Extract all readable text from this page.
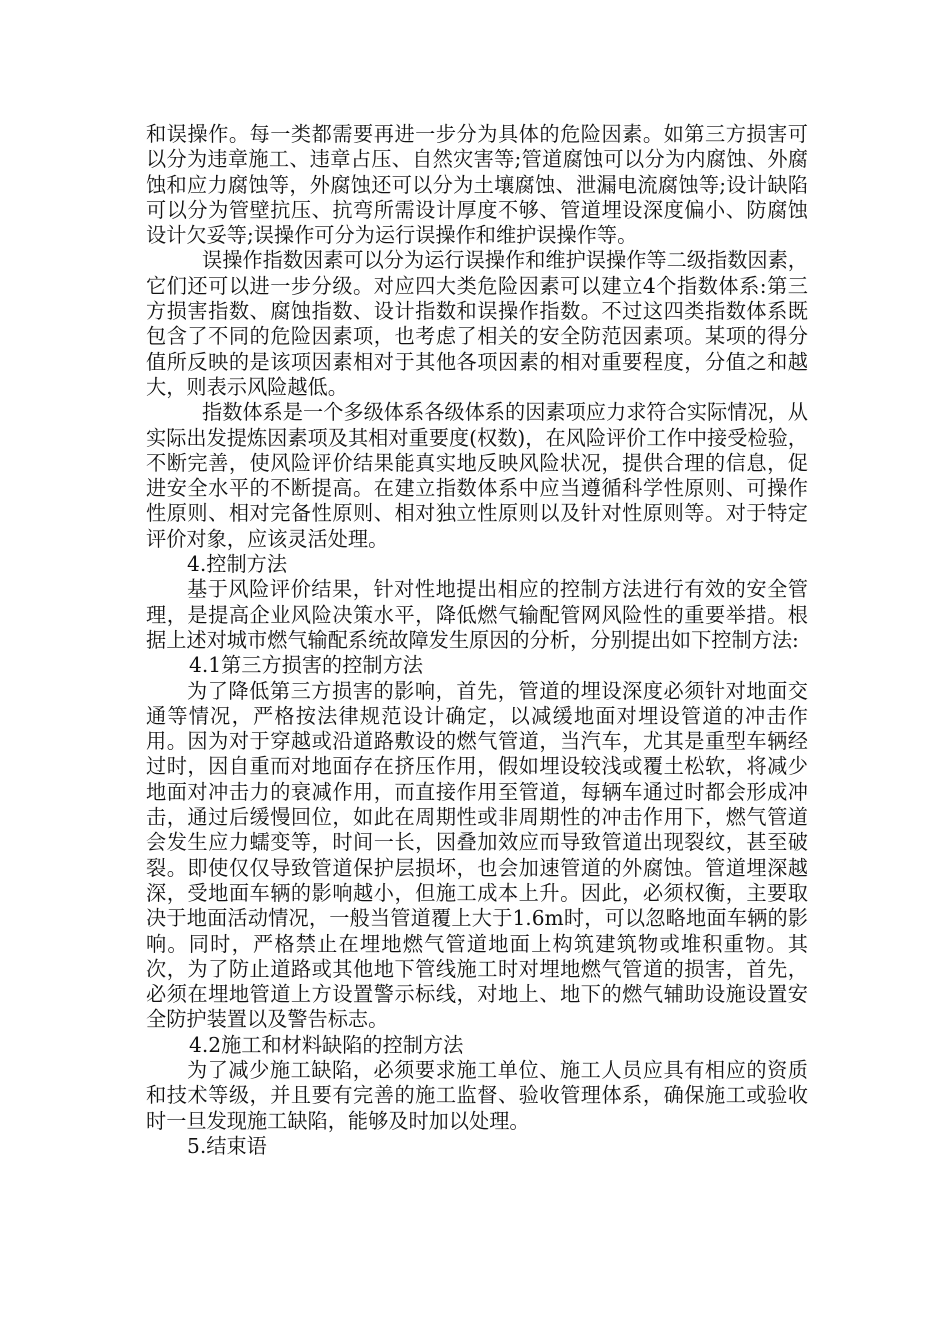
和误操作。每一类都需要再进一步分为具体的危险因素。如第三方损害可以分为违章施工、违章占压、自然灾害等;管道腐蚀可以分为内腐蚀、外腐蚀和应力腐蚀等，外腐蚀还可以分为土壤腐蚀、泄漏电流腐蚀等;设计缺陷可以分为管壁抗压、抗弯所需设计厚度不够、管道埋设深度偏小、防腐蚀设计欠妥等;误操作可分为运行误操作和维护误操作等。

误操作指数因素可以分为运行误操作和维护误操作等二级指数因素，它们还可以进一步分级。对应四大类危险因素可以建立4个指数体系:第三方损害指数、腐蚀指数、设计指数和误操作指数。不过这四类指数体系既包含了不同的危险因素项，也考虑了相关的安全防范因素项。某项的得分值所反映的是该项因素相对于其他各项因素的相对重要程度，分值之和越大，则表示风险越低。

指数体系是一个多级体系各级体系的因素项应力求符合实际情况，从实际出发提炼因素项及其相对重要度(权数)，在风险评价工作中接受检验，不断完善，使风险评价结果能真实地反映风险状况，提供合理的信息，促进安全水平的不断提高。在建立指数体系中应当遵循科学性原则、可操作性原则、相对完备性原则、相对独立性原则以及针对性原则等。对于特定评价对象，应该灵活处理。

4.控制方法

基于风险评价结果，针对性地提出相应的控制方法进行有效的安全管理，是提高企业风险决策水平，降低燃气输配管网风险性的重要举措。根据上述对城市燃气输配系统故障发生原因的分析，分别提出如下控制方法:

4.1第三方损害的控制方法

为了降低第三方损害的影响，首先，管道的埋设深度必须针对地面交通等情况，严格按法律规范设计确定，以减缓地面对埋设管道的冲击作用。因为对于穿越或沿道路敷设的燃气管道，当汽车，尤其是重型车辆经过时，因自重而对地面存在挤压作用，假如埋设较浅或覆土松软，将减少地面对冲击力的衰减作用，而直接作用至管道，每辆车通过时都会形成冲击，通过后缓慢回位，如此在周期性或非周期性的冲击作用下，燃气管道会发生应力蠕变等，时间一长，因叠加效应而导致管道出现裂纹，甚至破裂。即使仅仅导致管道保护层损坏，也会加速管道的外腐蚀。管道埋深越深，受地面车辆的影响越小，但施工成本上升。因此，必须权衡，主要取决于地面活动情况，一般当管道覆上大于1.6m时，可以忽略地面车辆的影响。同时，严格禁止在埋地燃气管道地面上构筑建筑物或堆积重物。其次，为了防止道路或其他地下管线施工时对埋地燃气管道的损害，首先，必须在埋地管道上方设置警示标线，对地上、地下的燃气辅助设施设置安全防护装置以及警告标志。

4.2施工和材料缺陷的控制方法

为了减少施工缺陷，必须要求施工单位、施工人员应具有相应的资质和技术等级，并且要有完善的施工监督、验收管理体系，确保施工或验收时一旦发现施工缺陷，能够及时加以处理。

5.结束语
